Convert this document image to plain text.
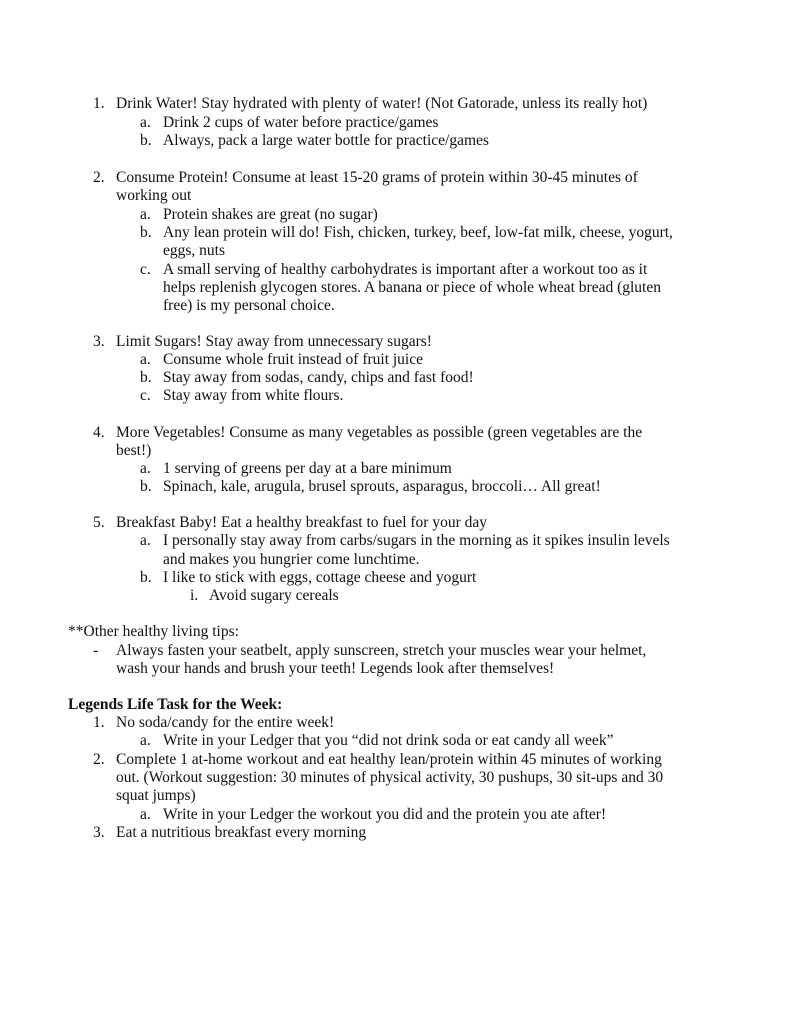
1. Drink Water! Stay hydrated with plenty of water! (Not Gatorade, unless its really hot)
a. Drink 2 cups of water before practice/games
b. Always, pack a large water bottle for practice/games
2. Consume Protein! Consume at least 15-20 grams of protein within 30-45 minutes of
working out
a. Protein shakes are great (no sugar)
b. Any lean protein will do! Fish, chicken, turkey, beef, low-fat milk, cheese, yogurt,
eggs, nuts
c. A small serving of healthy carbohydrates is important after a workout too as it
helps replenish glycogen stores. A banana or piece of whole wheat bread (gluten
free) is my personal choice.
3. Limit Sugars! Stay away from unnecessary sugars!
a. Consume whole fruit instead of fruit juice
b. Stay away from sodas, candy, chips and fast food!
c. Stay away from white flours.
4. More Vegetables! Consume as many vegetables as possible (green vegetables are the
best!)
a. 1 serving of greens per day at a bare minimum
b. Spinach, kale, arugula, brusel sprouts, asparagus, broccoli… All great!
5. Breakfast Baby! Eat a healthy breakfast to fuel for your day
a. I personally stay away from carbs/sugars in the morning as it spikes insulin levels
and makes you hungrier come lunchtime.
b. I like to stick with eggs, cottage cheese and yogurt
i. Avoid sugary cereals
**Other healthy living tips:
- Always fasten your seatbelt, apply sunscreen, stretch your muscles wear your helmet,
wash your hands and brush your teeth! Legends look after themselves!
Legends Life Task for the Week:
1. No soda/candy for the entire week!
a. Write in your Ledger that you “did not drink soda or eat candy all week”
2. Complete 1 at-home workout and eat healthy lean/protein within 45 minutes of working
out. (Workout suggestion: 30 minutes of physical activity, 30 pushups, 30 sit-ups and 30
squat jumps)
a. Write in your Ledger the workout you did and the protein you ate after!
3. Eat a nutritious breakfast every morning
